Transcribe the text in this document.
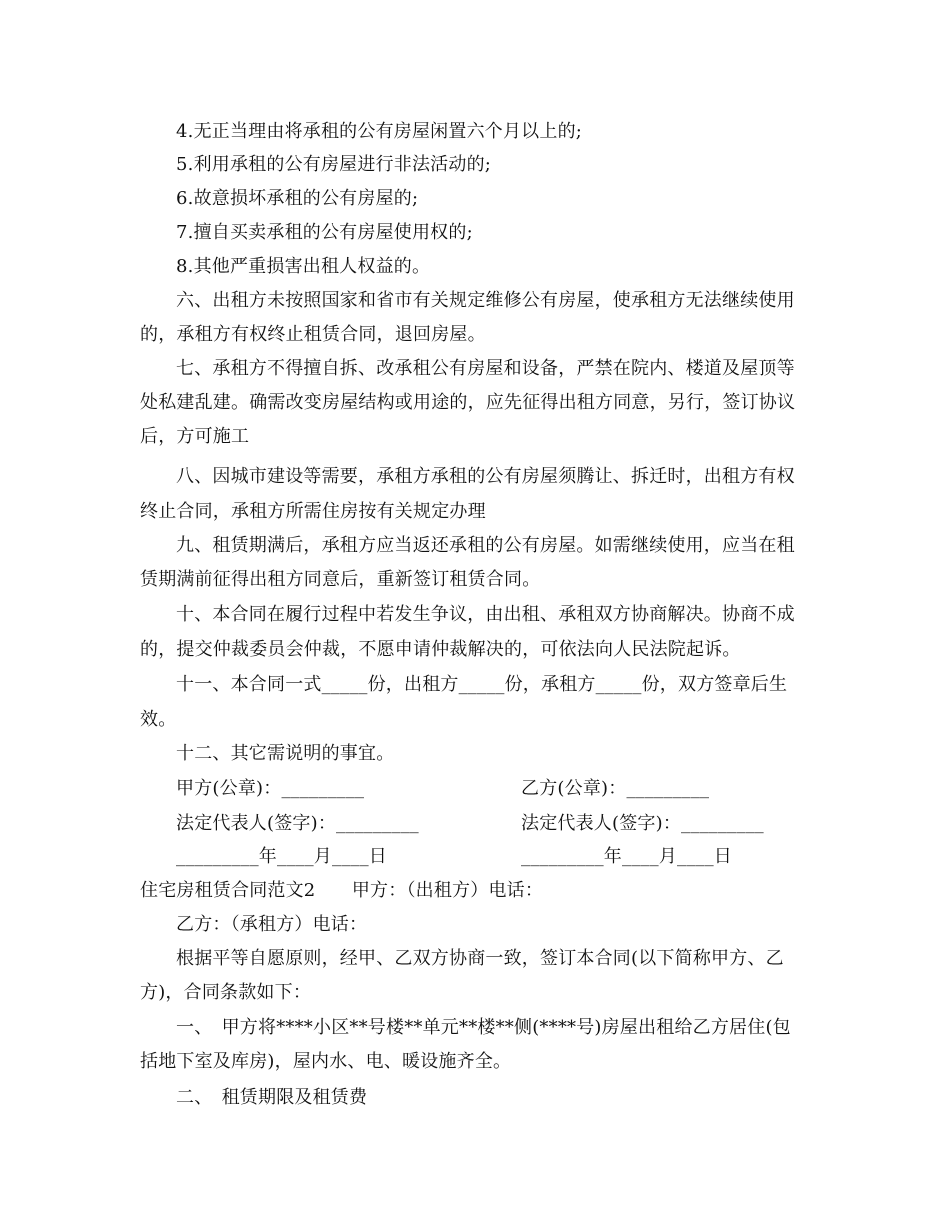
4.无正当理由将承租的公有房屋闲置六个月以上的;
5.利用承租的公有房屋进行非法活动的;
6.故意损坏承租的公有房屋的;
7.擅自买卖承租的公有房屋使用权的;
8.其他严重损害出租人权益的。
六、出租方未按照国家和省市有关规定维修公有房屋，使承租方无法继续使用
的，承租方有权终止租赁合同，退回房屋。
七、承租方不得擅自拆、改承租公有房屋和设备，严禁在院内、楼道及屋顶等
处私建乱建。确需改变房屋结构或用途的，应先征得出租方同意，另行，签订协议
后，方可施工
八、因城市建设等需要，承租方承租的公有房屋须腾让、拆迁时，出租方有权
终止合同，承租方所需住房按有关规定办理
九、租赁期满后，承租方应当返还承租的公有房屋。如需继续使用，应当在租
赁期满前征得出租方同意后，重新签订租赁合同。
十、本合同在履行过程中若发生争议，由出租、承租双方协商解决。协商不成
的，提交仲裁委员会仲裁，不愿申请仲裁解决的，可依法向人民法院起诉。
十一、本合同一式_____份，出租方_____份，承租方_____份，双方签章后生
效。
十二、其它需说明的事宜。
甲方(公章)：_________	乙方(公章)：_________
法定代表人(签字)：_________	法定代表人(签字)：_________
_________年____月____日	_________年____月____日
住宅房租赁合同范文2　　甲方：（出租方）电话：
乙方：（承租方）电话：
根据平等自愿原则，经甲、乙双方协商一致，签订本合同(以下简称甲方、乙
方)，合同条款如下：
一、　甲方将****小区**号楼**单元**楼**侧(****号)房屋出租给乙方居住(包
括地下室及库房)，屋内水、电、暖设施齐全。
二、　租赁期限及租赁费
